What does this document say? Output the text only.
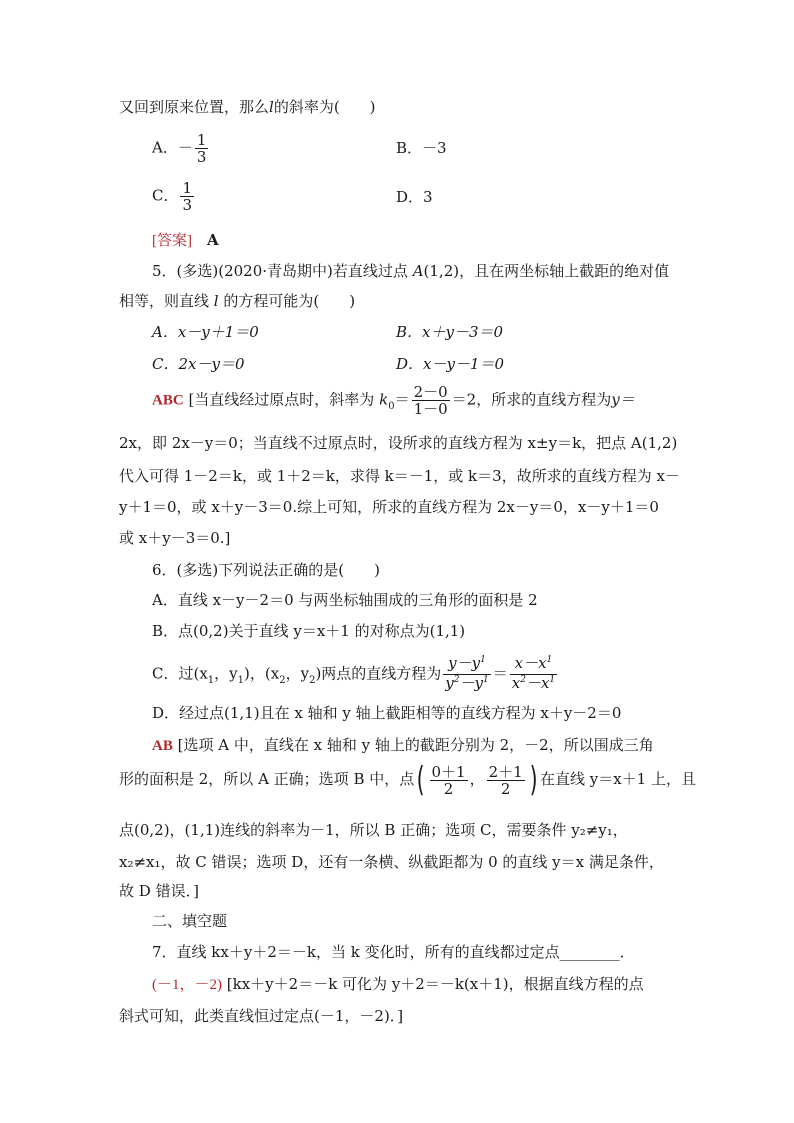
又回到原来位置，那么l的斜率为(　　)
A．－ $\frac{1}{3}$	B．－3
C． $\frac{1}{3}$	D．3
[答案]　 A
5．(多选)(2020·青岛期中)若直线过点 A(1,2)，且在两坐标轴上截距的绝对值
相等，则直线 l 的方程可能为(　　)
A．x－y＋1＝0	B．x＋y－3＝0
C．2x－y＝0	D．x－y－1＝0
ABC [当直线经过原点时，斜率为 $k_0= \frac{2-0}{1-0} =2$，所求的直线方程为y＝
2x，即 2x－y＝0；当直线不过原点时，设所求的直线方程为 x±y＝k，把点 A(1,2)
代入可得 1－2＝k，或 1＋2＝k，求得 k＝－1，或 k＝3，故所求的直线方程为 x－
y＋1＝0，或 x＋y－3＝0.综上可知，所求的直线方程为 2x－y＝0，x－y＋1＝0
或 x＋y－3＝0.]
6．(多选)下列说法正确的是(　　)
A．直线 x－y－2＝0 与两坐标轴围成的三角形的面积是 2
B．点(0,2)关于直线 y＝x＋1 的对称点为(1,1)
C．过($x_1$，$y_1$)，($x_2$，$y_2$)两点的直线方程为 $\frac{y-y^1}{y^2-y^1} = \frac{x-x^1}{x^2-x^1}$
D．经过点(1,1)且在 x 轴和 y 轴上截距相等的直线方程为 x＋y－2＝0
AB [选项 A 中，直线在 x 轴和 y 轴上的截距分别为 2，－2，所以围成三角
形的面积是 2，所以 A 正确；选项 B 中，点( $\frac{0+1}{2}$ ， $\frac{2+1}{2}$ ) 在直线 y＝x＋1 上，且
点(0,2)，(1,1)连线的斜率为－1，所以 B 正确；选项 C，需要条件 y₂≠y₁，
x₂≠x₁，故 C 错误；选项 D，还有一条横、纵截距都为 0 的直线 y＝x 满足条件，
故 D 错误．]
二、填空题
7．直线 kx＋y＋2＝－k，当 k 变化时，所有的直线都过定点________．
(－1，－2) [kx＋y＋2＝－k 可化为 y＋2＝－k(x＋1)，根据直线方程的点
斜式可知，此类直线恒过定点(－1，－2)．]
